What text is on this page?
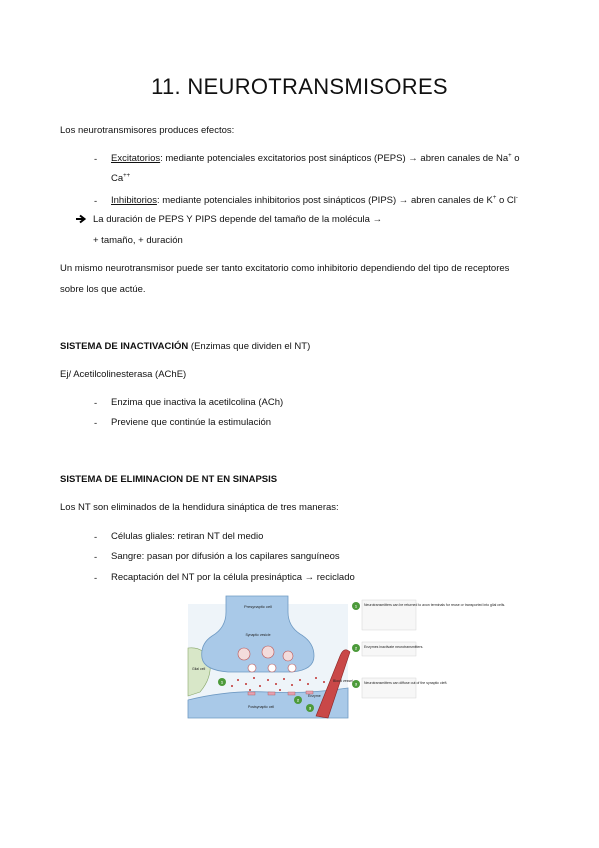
11. NEUROTRANSMISORES
Los neurotransmisores produces efectos:
- Excitatorios: mediante potenciales excitatorios post sinápticos (PEPS) → abren canales de Na+ o
Ca++
- Inhibitorios: mediante potenciales inhibitorios post sinápticos (PIPS) → abren canales de K+ o Cl-
La duración de PEPS Y PIPS depende del tamaño de la molécula →
+ tamaño, + duración
Un mismo neurotransmisor puede ser tanto excitatorio como inhibitorio dependiendo del tipo de receptores
sobre los que actúe.
SISTEMA DE INACTIVACIÓN (Enzimas que dividen el NT)
Ej/ Acetilcolinesterasa (AChE)
- Enzima que inactiva la acetilcolina (ACh)
- Previene que continúe la estimulación
SISTEMA DE ELIMINACION DE NT EN SINAPSIS
Los NT son eliminados de la hendidura sináptica de tres maneras:
- Células gliales: retiran NT del medio
- Sangre: pasan por difusión a los capilares sanguíneos
- Recaptación del NT por la célula presináptica → reciclado
1
2
3
Presynaptic cell
Synaptic vesicle
Glial cell
Postsynaptic cell
Blood vessel
Enzyme
1 Neurotransmitters can be returned to axon terminals for reuse or transported into glial cells.
2 Enzymes inactivate neurotransmitters.
3 Neurotransmitters can diffuse out of the synaptic cleft.
